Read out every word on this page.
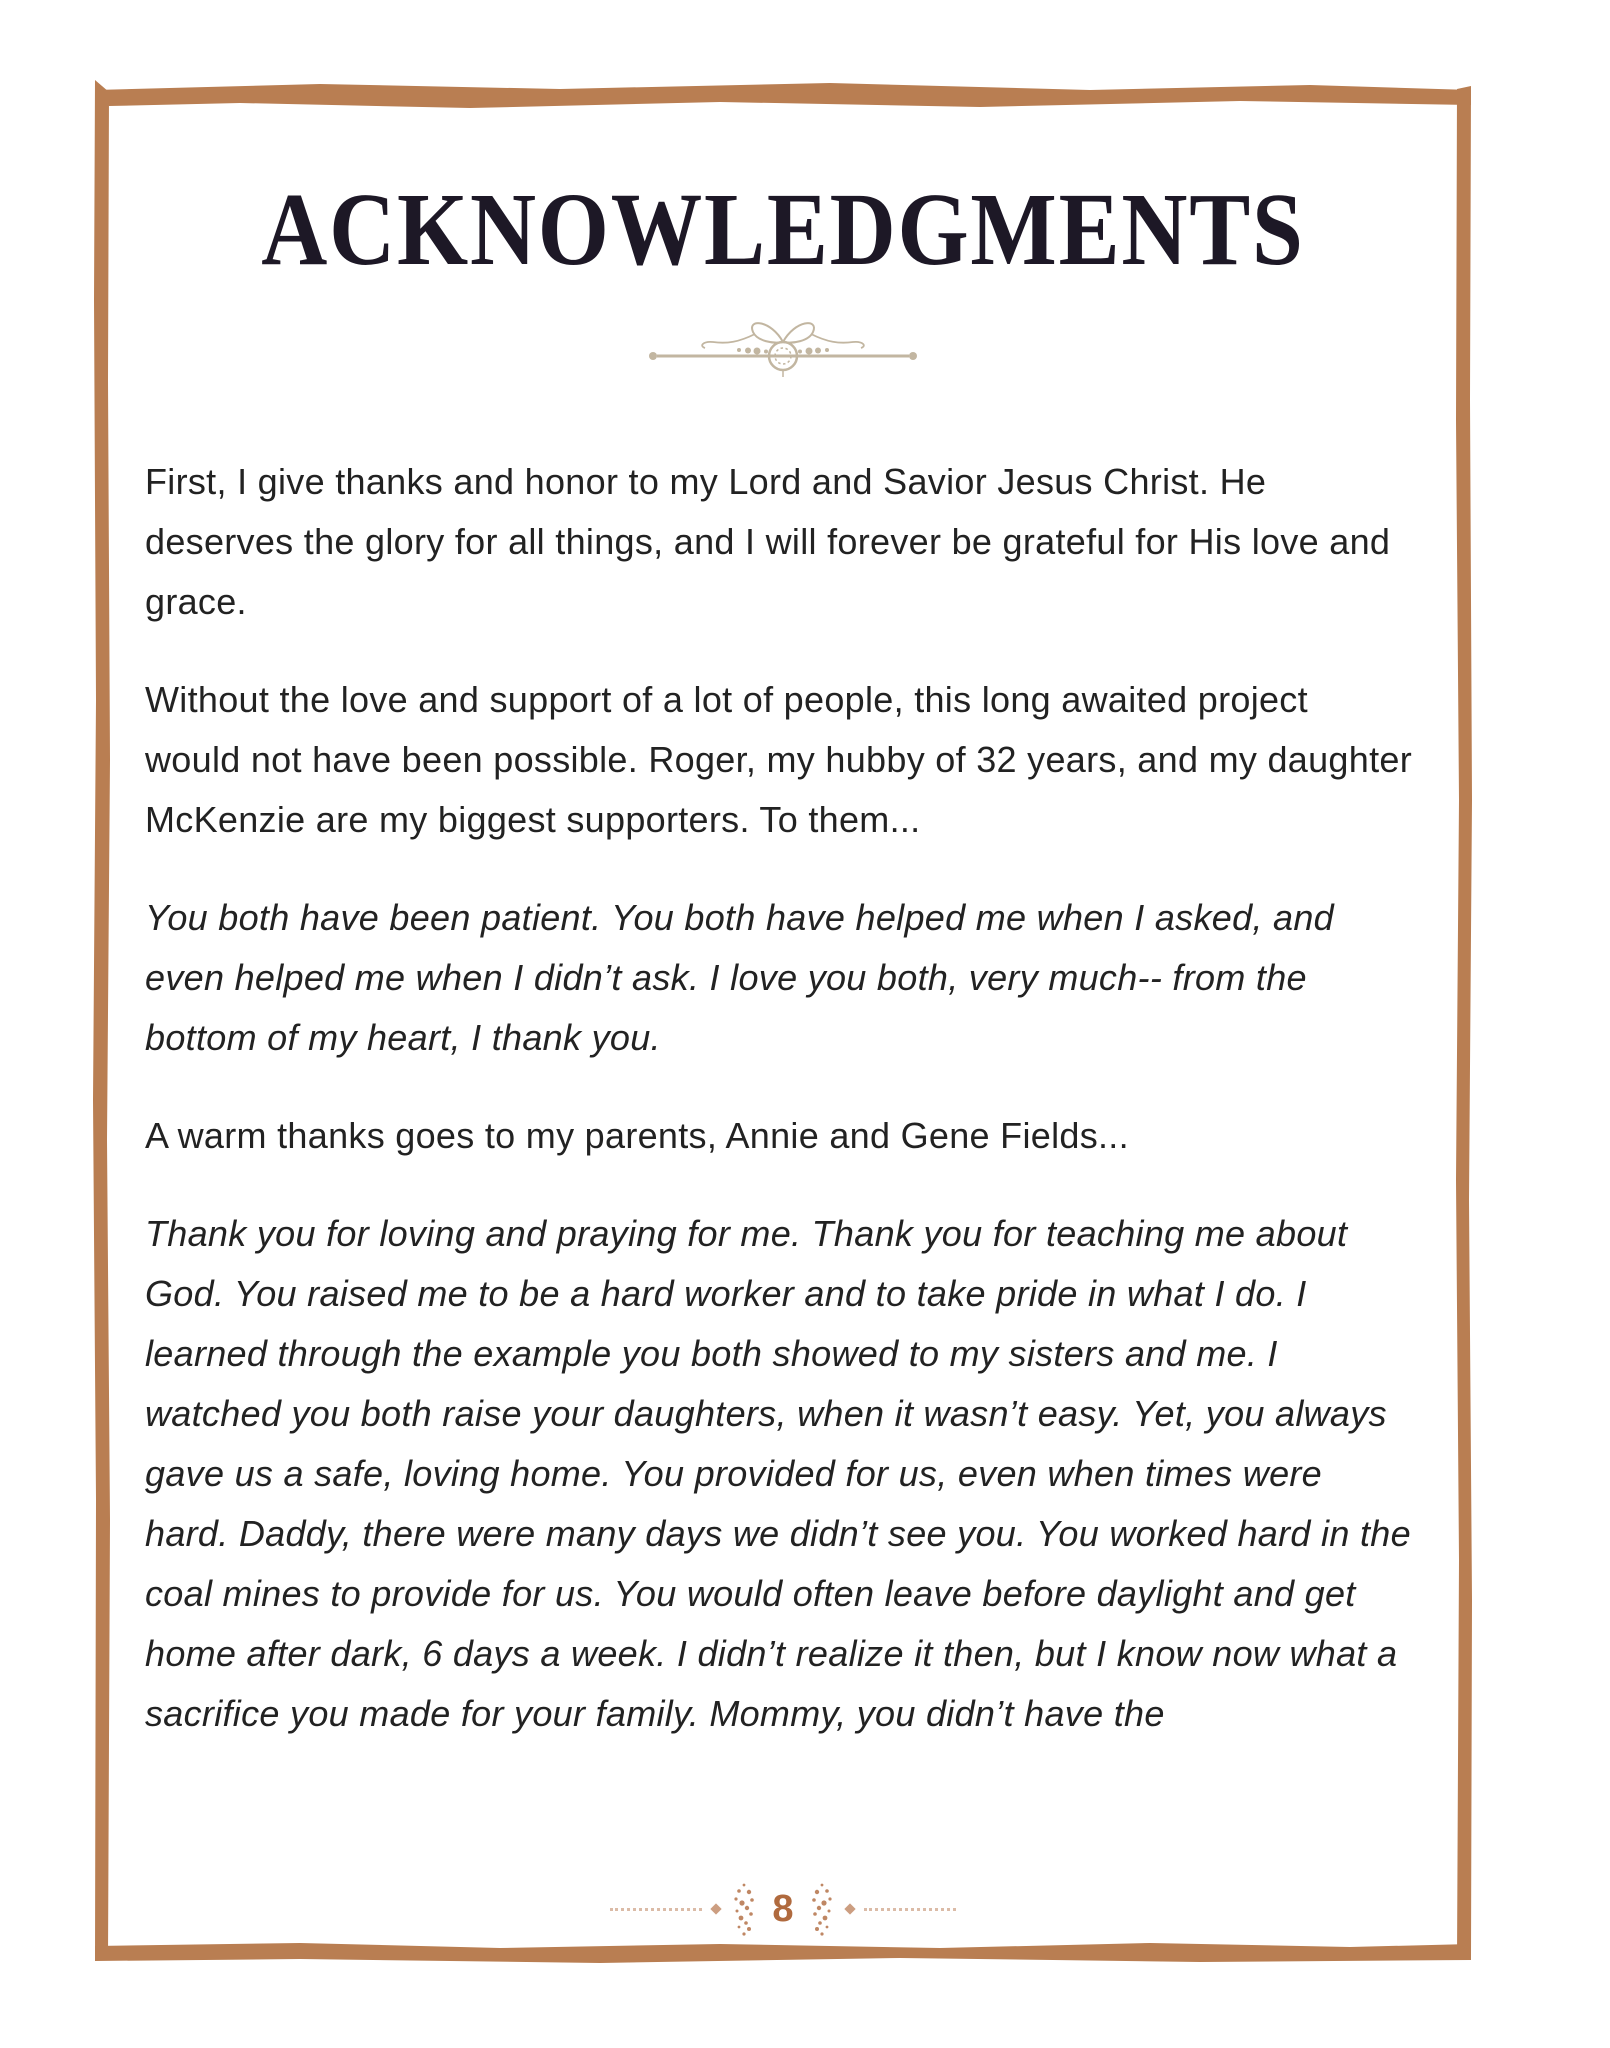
ACKNOWLEDGMENTS

First, I give thanks and honor to my Lord and Savior Jesus Christ. He deserves the glory for all things, and I will forever be grateful for His love and grace.

Without the love and support of a lot of people, this long awaited project would not have been possible. Roger, my hubby of 32 years, and my daughter McKenzie are my biggest supporters. To them...

You both have been patient. You both have helped me when I asked, and even helped me when I didn’t ask. I love you both, very much-- from the bottom of my heart, I thank you.

A warm thanks goes to my parents, Annie and Gene Fields...

Thank you for loving and praying for me. Thank you for teaching me about God. You raised me to be a hard worker and to take pride in what I do. I learned through the example you both showed to my sisters and me. I watched you both raise your daughters, when it wasn’t easy. Yet, you always gave us a safe, loving home. You provided for us, even when times were hard. Daddy, there were many days we didn’t see you. You worked hard in the coal mines to provide for us. You would often leave before daylight and get home after dark, 6 days a week. I didn’t realize it then, but I know now what a sacrifice you made for your family. Mommy, you didn’t have the

8
